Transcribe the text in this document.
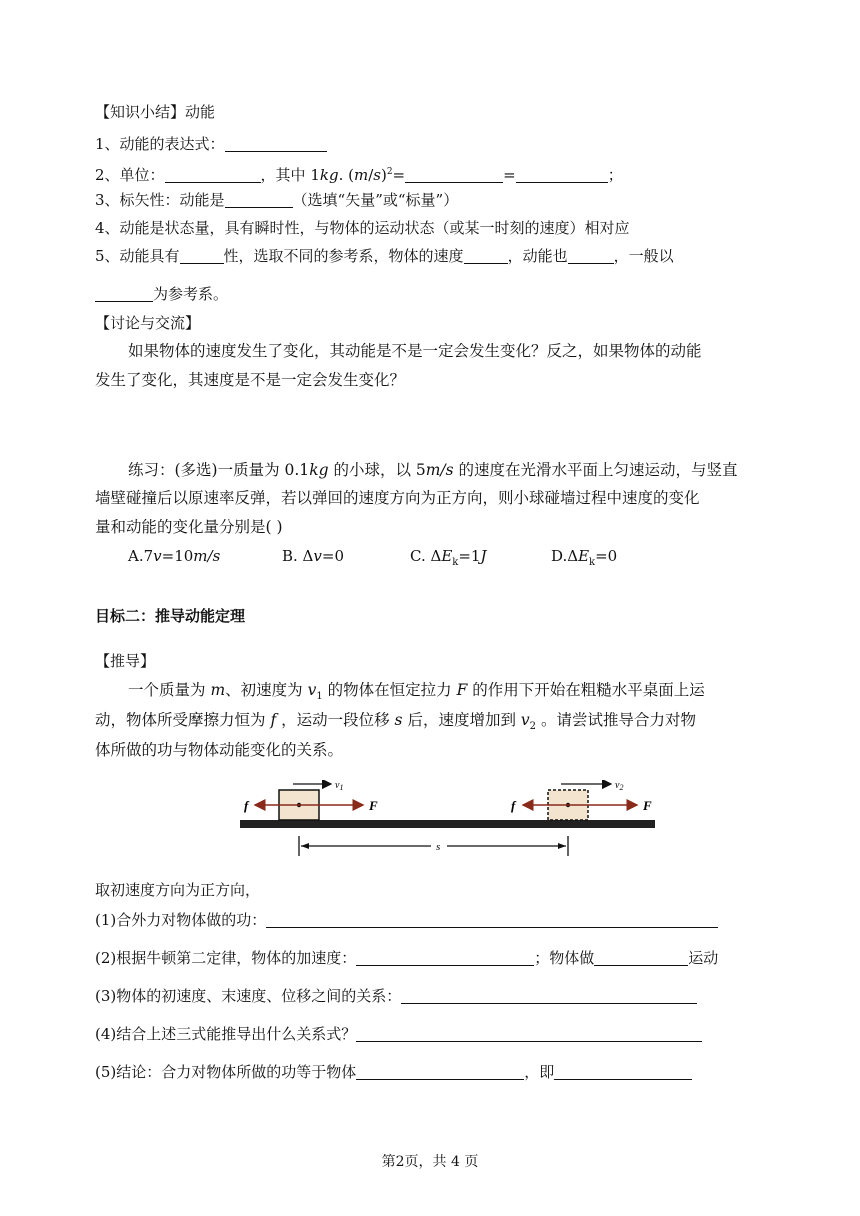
【知识小结】动能
1、动能的表达式：
2、单位：	，其中 1kg. $(m/s)^2=$	=	；
3、标矢性：动能是	（选填“矢量”或“标量”）
4、动能是状态量，具有瞬时性，与物体的运动状态（或某一时刻的速度）相对应
5、动能具有	性，选取不同的参考系，物体的速度	，动能也	，一般以
为参考系。
【讨论与交流】
如果物体的速度发生了变化，其动能是不是一定会发生变化？反之，如果物体的动能
发生了变化，其速度是不是一定会发生变化？
练习：(多选)一质量为 0.1kg 的小球，以 5m/s 的速度在光滑水平面上匀速运动，与竖直
墙壁碰撞后以原速率反弹，若以弹回的速度方向为正方向，则小球碰墙过程中速度的变化
量和动能的变化量分别是( )
A.7v=10m/s	B. Δv=0	C. $\Delta E_k=1J$	$D.\Delta E_k=0$
目标二：推导动能定理
【推导】
一个质量为 m、初速度为 $v_1$ 的物体在恒定拉力 F 的作用下开始在粗糙水平桌面上运
动，物体所受摩擦力恒为 f ，运动一段位移 s 后，速度增加到 $v_2$ 。请尝试推导合力对物
体所做的功与物体动能变化的关系。
f	F
$v_1$
f	F
$v_2$
s
取初速度方向为正方向，
(1)合外力对物体做的功：
(2)根据牛顿第二定律，物体的加速度：	；物体做	运动
(3)物体的初速度、末速度、位移之间的关系：
(4)结合上述三式能推导出什么关系式？
(5)结论：合力对物体所做的功等于物体	，即
第2页，共 4 页
